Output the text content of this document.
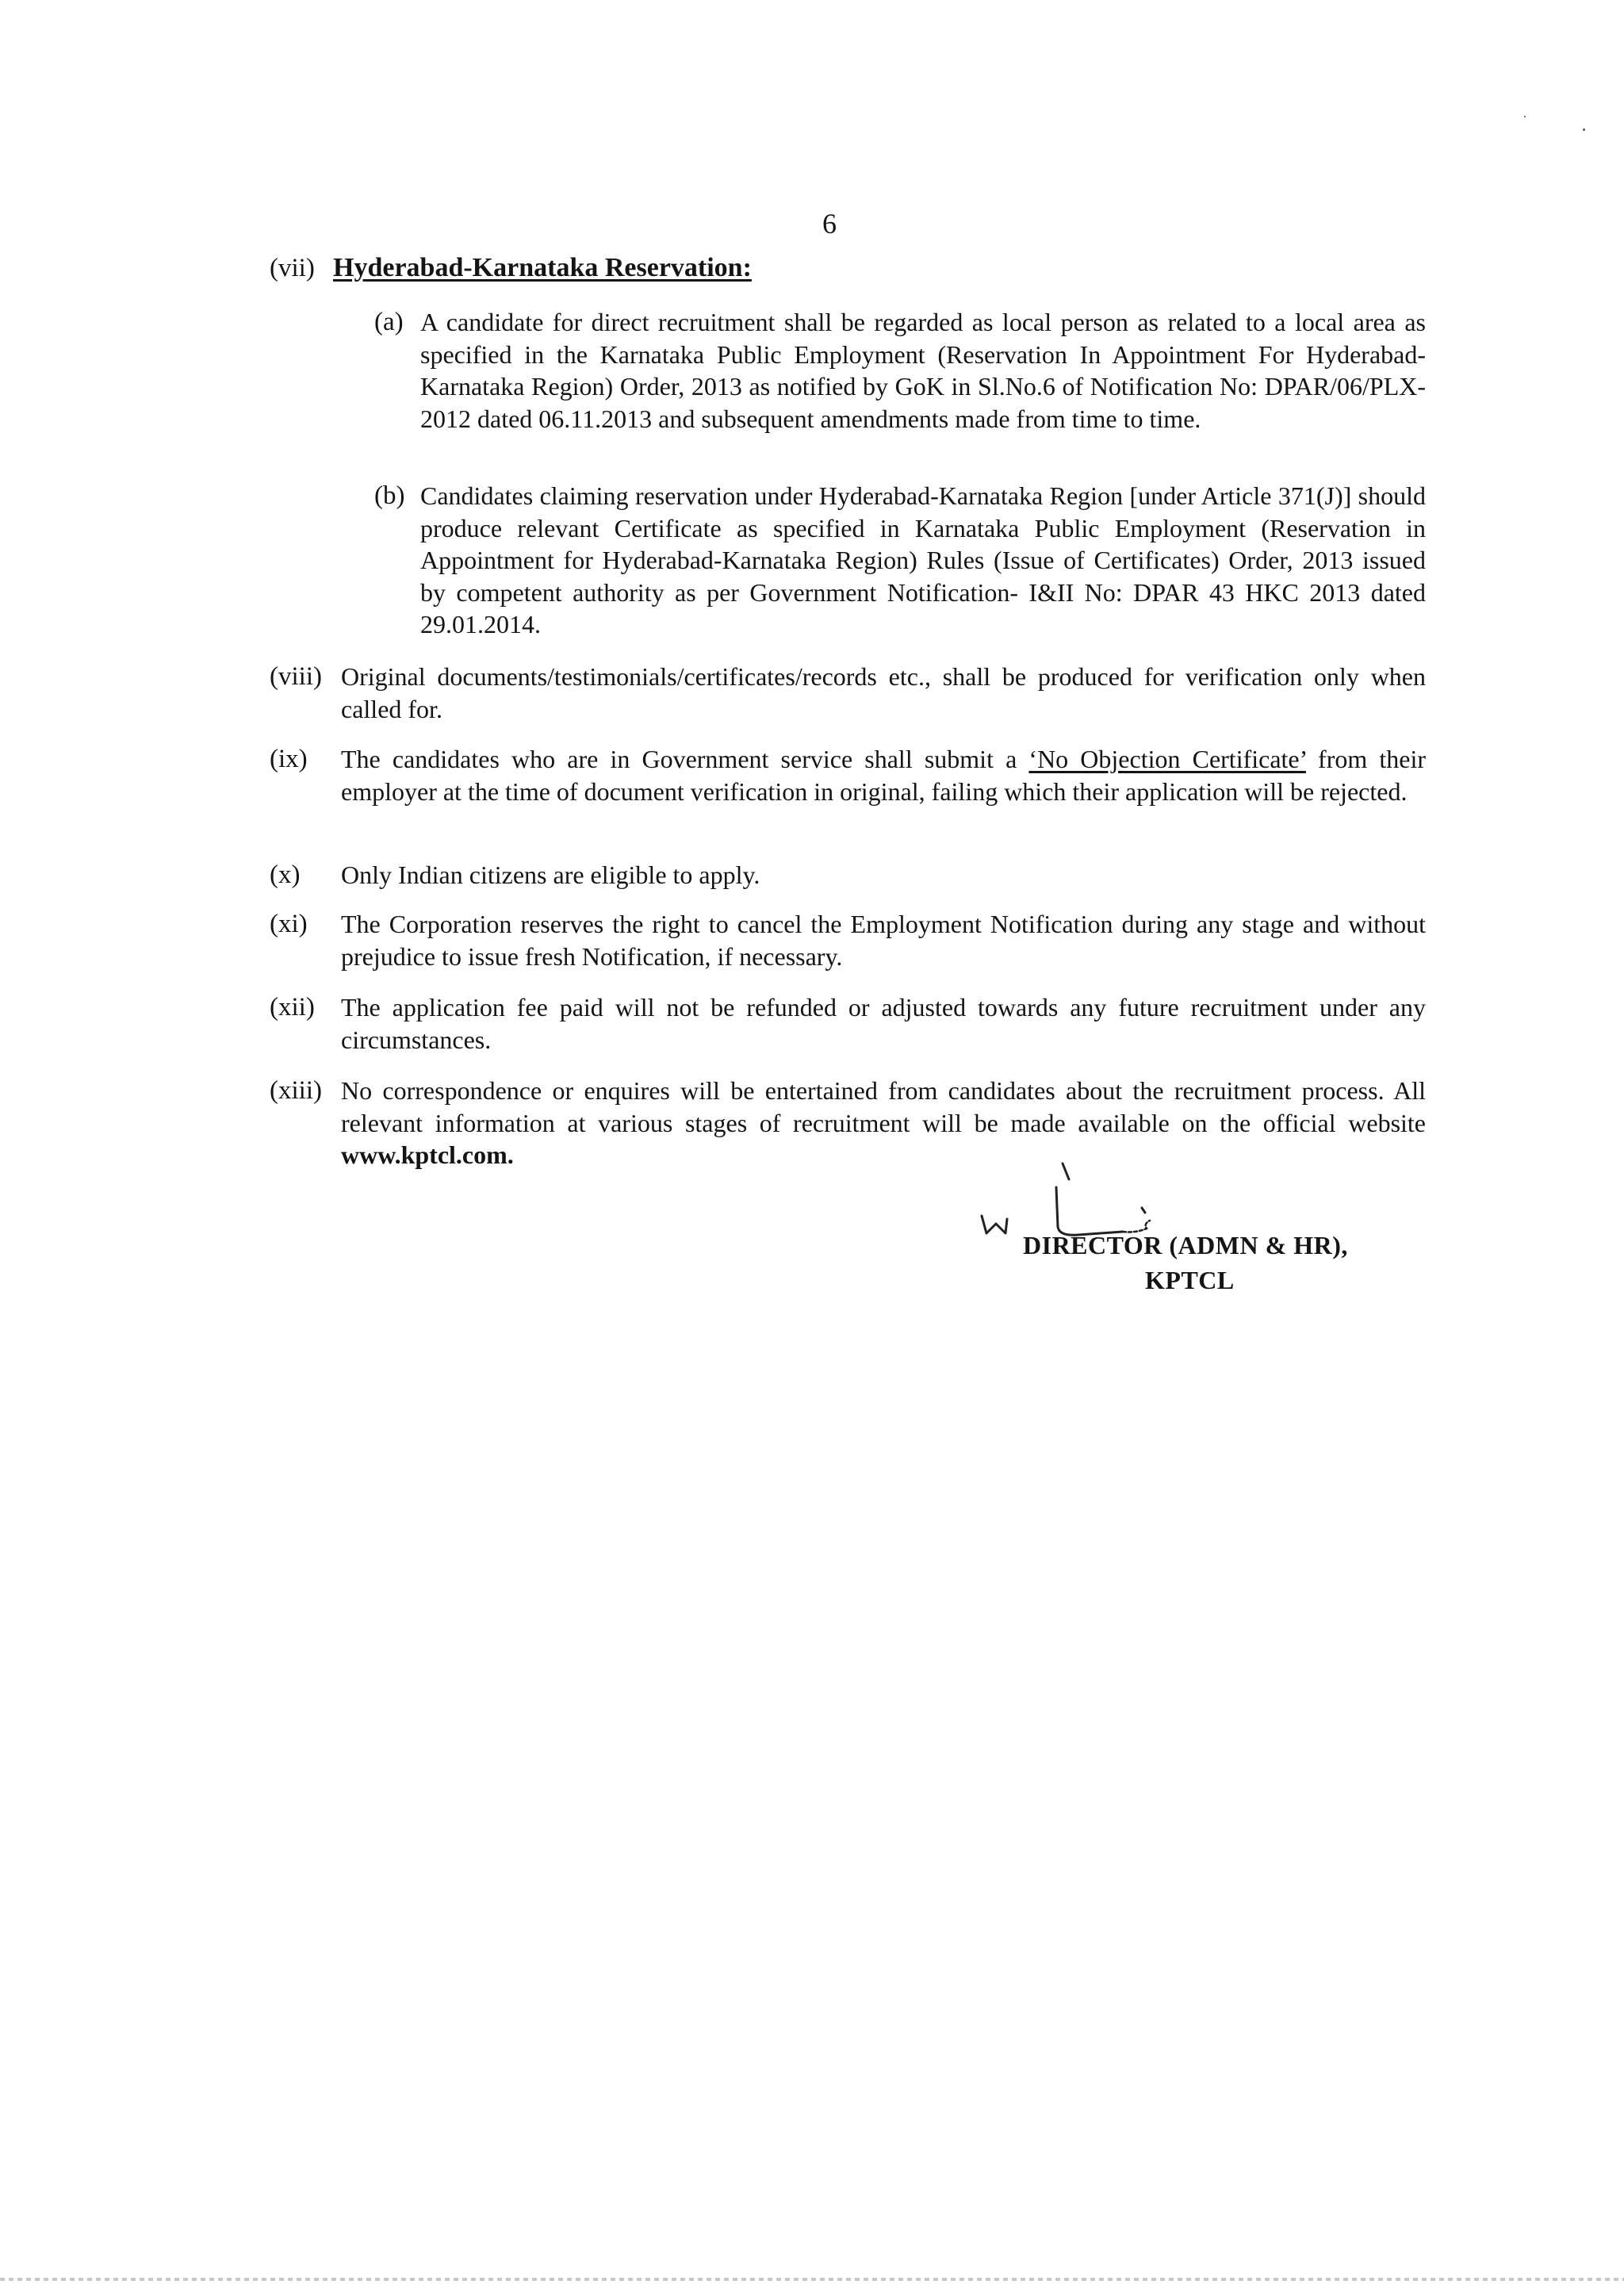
6
(vii) Hyderabad-Karnataka Reservation:
(a) A candidate for direct recruitment shall be regarded as local person as related to a local area as specified in the Karnataka Public Employment (Reservation In Appointment For Hyderabad-Karnataka Region) Order, 2013 as notified by GoK in Sl.No.6 of Notification No: DPAR/06/PLX-2012 dated 06.11.2013 and subsequent amendments made from time to time.
(b) Candidates claiming reservation under Hyderabad-Karnataka Region [under Article 371(J)] should produce relevant Certificate as specified in Karnataka Public Employment (Reservation in Appointment for Hyderabad-Karnataka Region) Rules (Issue of Certificates) Order, 2013 issued by competent authority as per Government Notification- I&II No: DPAR 43 HKC 2013 dated 29.01.2014.
(viii) Original documents/testimonials/certificates/records etc., shall be produced for verification only when called for.
(ix) The candidates who are in Government service shall submit a ‘No Objection Certificate’ from their employer at the time of document verification in original, failing which their application will be rejected.
(x) Only Indian citizens are eligible to apply.
(xi) The Corporation reserves the right to cancel the Employment Notification during any stage and without prejudice to issue fresh Notification, if necessary.
(xii) The application fee paid will not be refunded or adjusted towards any future recruitment under any circumstances.
(xiii) No correspondence or enquires will be entertained from candidates about the recruitment process. All relevant information at various stages of recruitment will be made available on the official website www.kptcl.com.
DIRECTOR (ADMN & HR),
KPTCL
